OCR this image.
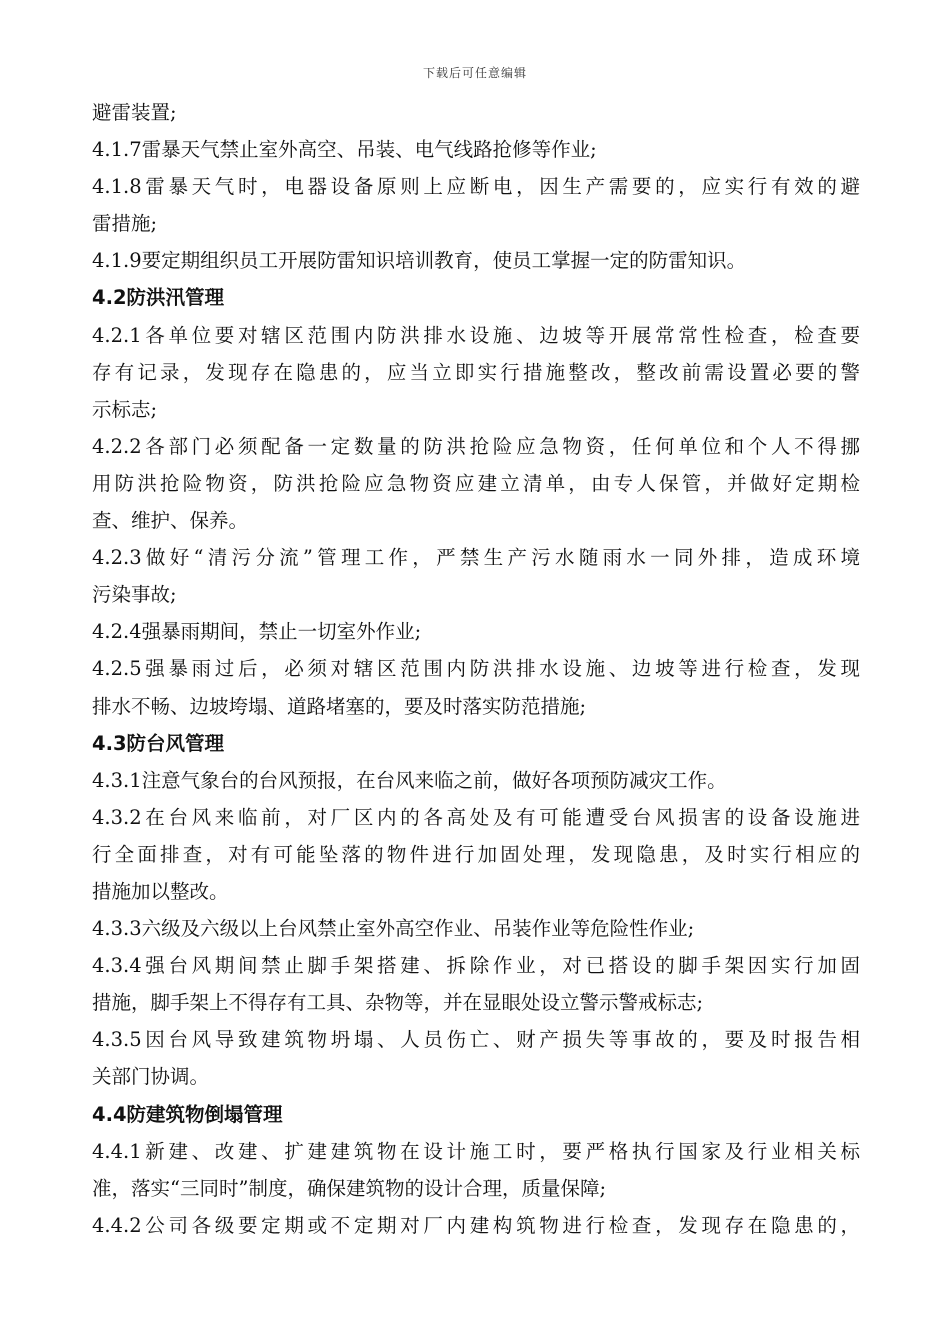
下载后可任意编辑
避雷装置;
4.1.7雷暴天气禁止室外高空、吊装、电气线路抢修等作业;
4.1.8雷暴天气时，电器设备原则上应断电，因生产需要的，应实行有效的避
雷措施;
4.1.9要定期组织员工开展防雷知识培训教育，使员工掌握一定的防雷知识。
4.2防洪汛管理
4.2.1各单位要对辖区范围内防洪排水设施、边坡等开展常常性检查，检查要
存有记录，发现存在隐患的，应当立即实行措施整改，整改前需设置必要的警
示标志;
4.2.2各部门必须配备一定数量的防洪抢险应急物资，任何单位和个人不得挪
用防洪抢险物资，防洪抢险应急物资应建立清单，由专人保管，并做好定期检
查、维护、保养。
4.2.3做好“清污分流”管理工作，严禁生产污水随雨水一同外排，造成环境
污染事故;
4.2.4强暴雨期间，禁止一切室外作业;
4.2.5强暴雨过后，必须对辖区范围内防洪排水设施、边坡等进行检查，发现
排水不畅、边坡垮塌、道路堵塞的，要及时落实防范措施;
4.3防台风管理
4.3.1注意气象台的台风预报，在台风来临之前，做好各项预防减灾工作。
4.3.2在台风来临前，对厂区内的各高处及有可能遭受台风损害的设备设施进
行全面排查，对有可能坠落的物件进行加固处理，发现隐患，及时实行相应的
措施加以整改。
4.3.3六级及六级以上台风禁止室外高空作业、吊装作业等危险性作业;
4.3.4强台风期间禁止脚手架搭建、拆除作业，对已搭设的脚手架因实行加固
措施，脚手架上不得存有工具、杂物等，并在显眼处设立警示警戒标志;
4.3.5因台风导致建筑物坍塌、人员伤亡、财产损失等事故的，要及时报告相
关部门协调。
4.4防建筑物倒塌管理
4.4.1新建、改建、扩建建筑物在设计施工时，要严格执行国家及行业相关标
准，落实“三同时”制度，确保建筑物的设计合理，质量保障;
4.4.2公司各级要定期或不定期对厂内建构筑物进行检查，发现存在隐患的，
